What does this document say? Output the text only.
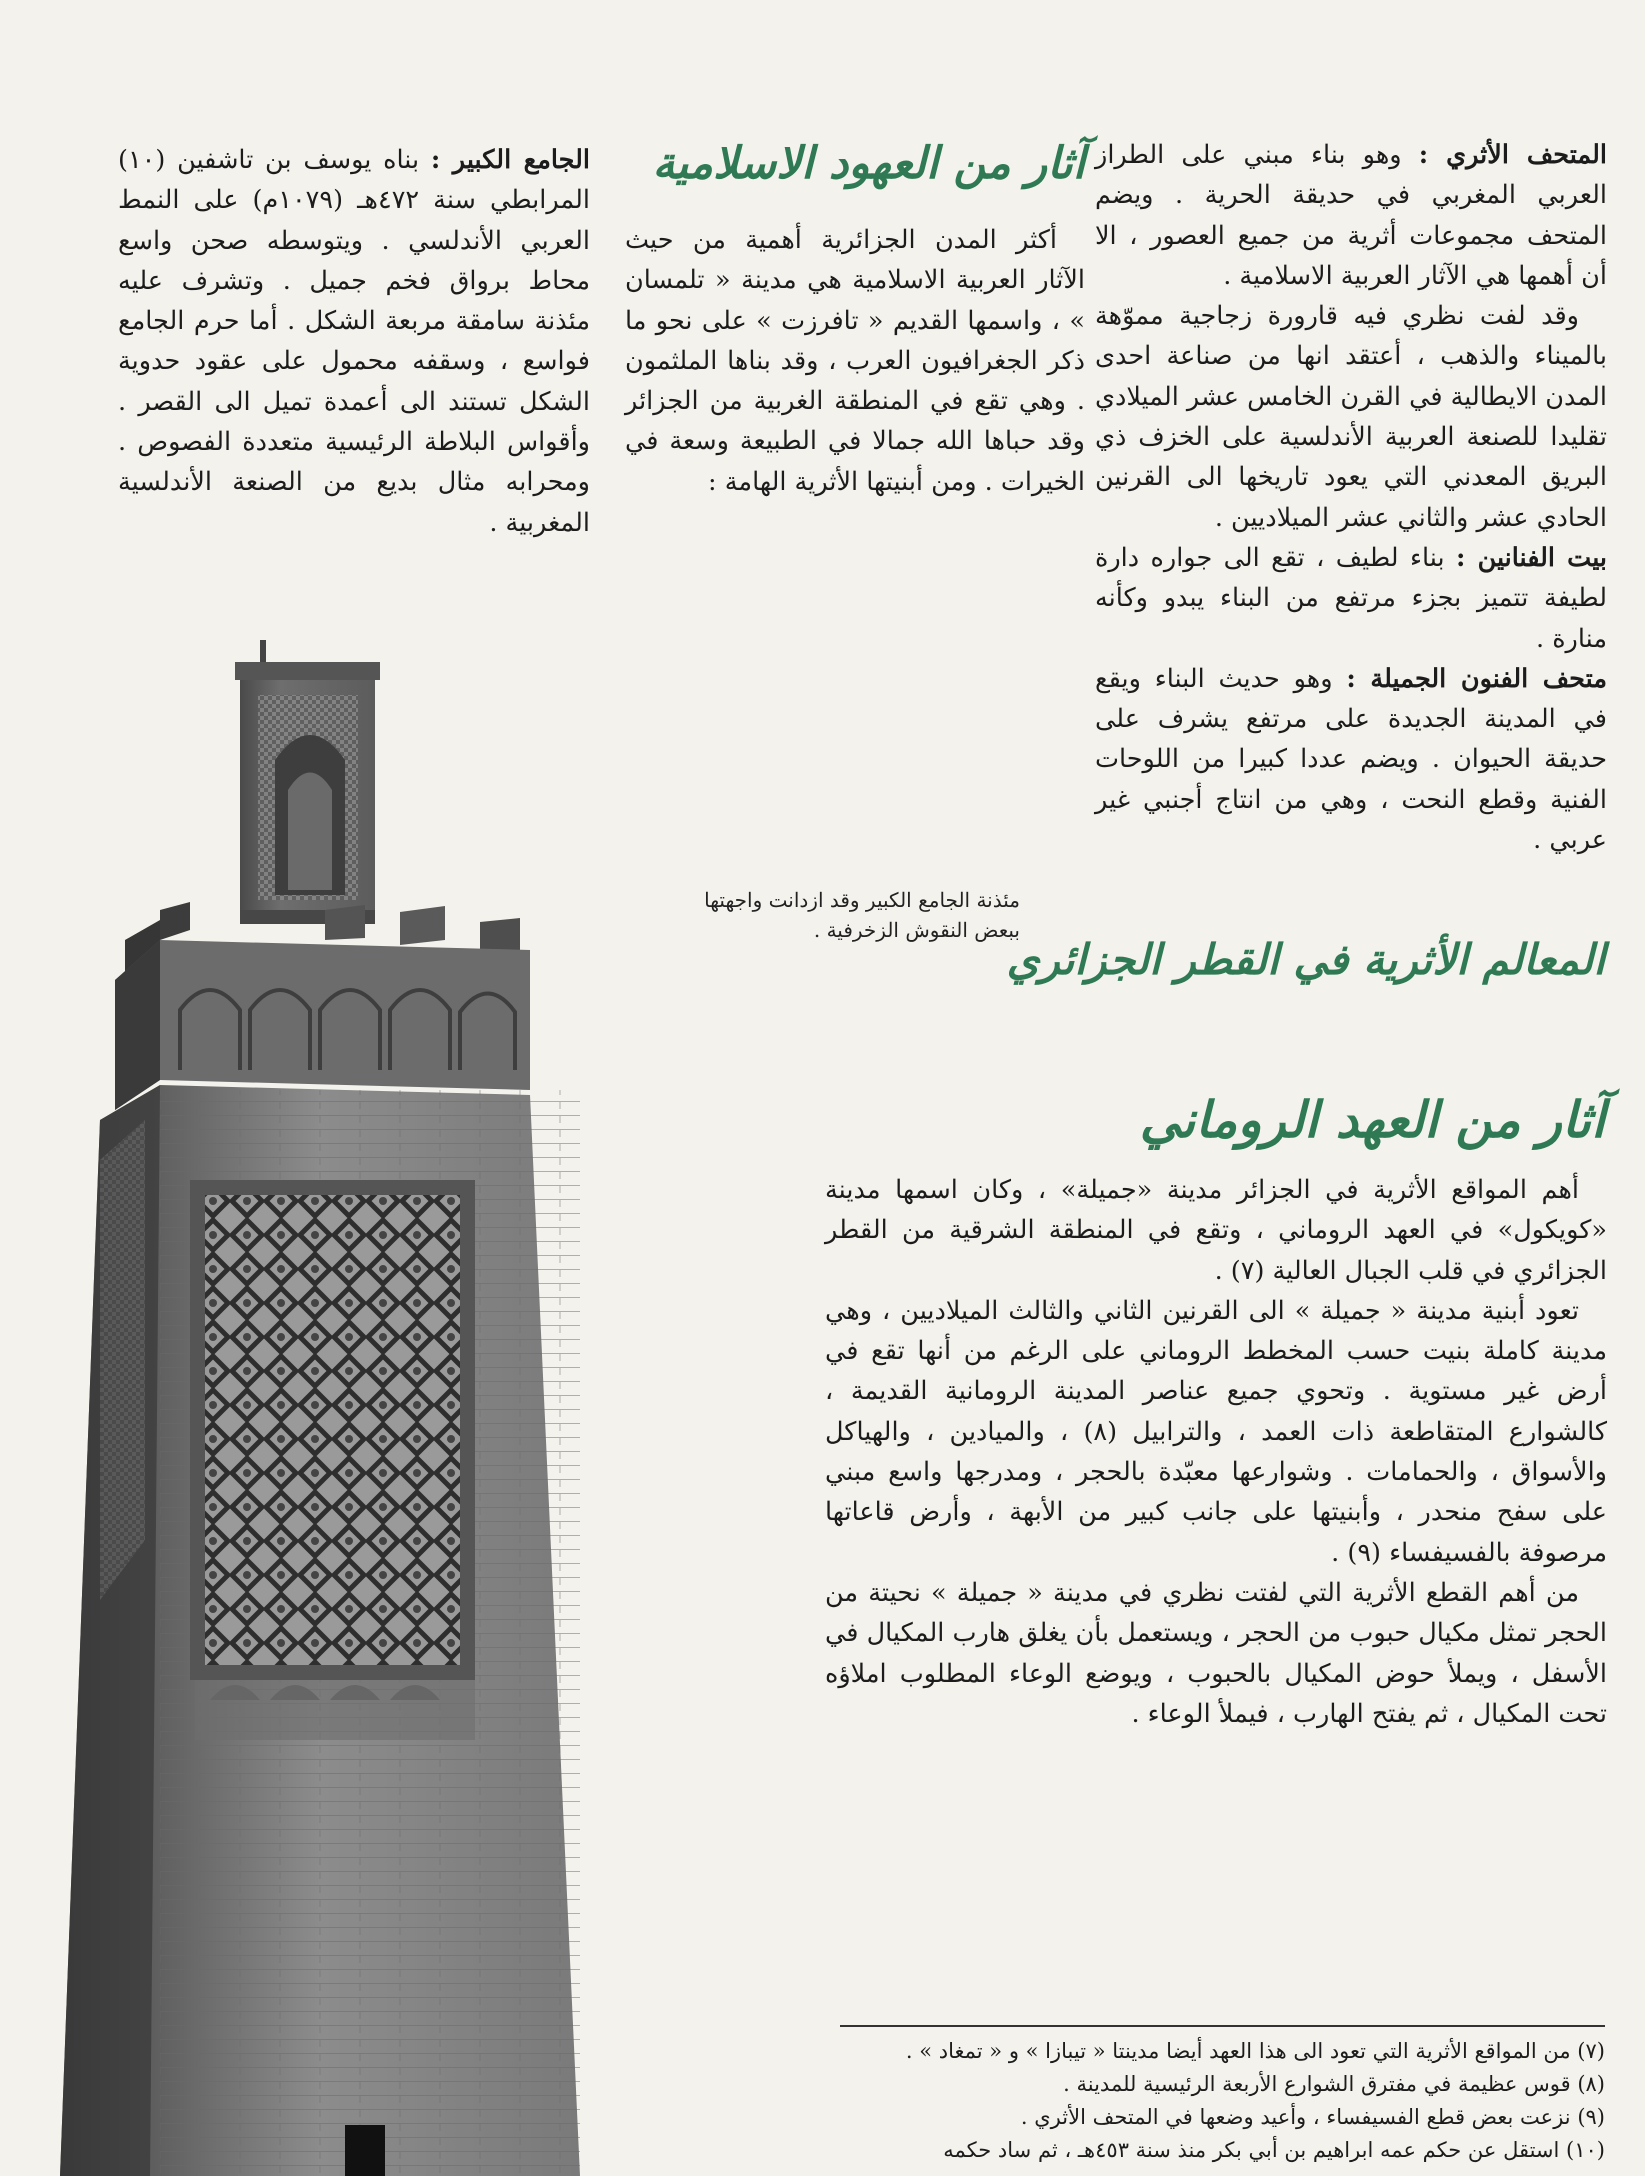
آثار من العهود الاسلامية
المعالم الأثرية في القطر الجزائري
آثار من العهد الروماني

المتحف الأثري : وهو بناء مبني على الطراز العربي المغربي في حديقة الحرية . ويضم المتحف مجموعات أثرية من جميع العصور ، الا أن أهمها هي الآثار العربية الاسلامية .

وقد لفت نظري فيه قارورة زجاجية مموّهة بالميناء والذهب ، أعتقد انها من صناعة احدى المدن الايطالية في القرن الخامس عشر الميلادي تقليدا للصنعة العربية الأندلسية على الخزف ذي البريق المعدني التي يعود تاريخها الى القرنين الحادي عشر والثاني عشر الميلاديين .

بيت الفنانين : بناء لطيف ، تقع الى جواره دارة لطيفة تتميز بجزء مرتفع من البناء يبدو وكأنه منارة .

متحف الفنون الجميلة : وهو حديث البناء ويقع في المدينة الجديدة على مرتفع يشرف على حديقة الحيوان . ويضم عددا كبيرا من اللوحات الفنية وقطع النحت ، وهي من انتاج أجنبي غير عربي .

أكثر المدن الجزائرية أهمية من حيث الآثار العربية الاسلامية هي مدينة « تلمسان » ، واسمها القديم « تافرزت » على نحو ما ذكر الجغرافيون العرب ، وقد بناها الملثمون . وهي تقع في المنطقة الغربية من الجزائر وقد حباها الله جمالا في الطبيعة وسعة في الخيرات . ومن أبنيتها الأثرية الهامة :

الجامع الكبير : بناه يوسف بن تاشفين (١٠) المرابطي سنة ٤٧٢هـ (١٠٧٩م) على النمط العربي الأندلسي . ويتوسطه صحن واسع محاط برواق فخم جميل . وتشرف عليه مئذنة سامقة مربعة الشكل . أما حرم الجامع فواسع ، وسقفه محمول على عقود حدوية الشكل تستند الى أعمدة تميل الى القصر . وأقواس البلاطة الرئيسية متعددة الفصوص . ومحرابه مثال بديع من الصنعة الأندلسية المغربية .

مئذنة الجامع الكبير وقد ازدانت واجهتها ببعض النقوش الزخرفية .

أهم المواقع الأثرية في الجزائر مدينة «جميلة» ، وكان اسمها مدينة «كويكول» في العهد الروماني ، وتقع في المنطقة الشرقية من القطر الجزائري في قلب الجبال العالية (٧) .

تعود أبنية مدينة « جميلة » الى القرنين الثاني والثالث الميلاديين ، وهي مدينة كاملة بنيت حسب المخطط الروماني على الرغم من أنها تقع في أرض غير مستوية . وتحوي جميع عناصر المدينة الرومانية القديمة ، كالشوارع المتقاطعة ذات العمد ، والترابيل (٨) ، والميادين ، والهياكل والأسواق ، والحمامات . وشوارعها معبّدة بالحجر ، ومدرجها واسع مبني على سفح منحدر ، وأبنيتها على جانب كبير من الأبهة ، وأرض قاعاتها مرصوفة بالفسيفساء (٩) .

من أهم القطع الأثرية التي لفتت نظري في مدينة « جميلة » نحيتة من الحجر تمثل مكيال حبوب من الحجر ، ويستعمل بأن يغلق هارب المكيال في الأسفل ، ويملأ حوض المكيال بالحبوب ، ويوضع الوعاء المطلوب املاؤه تحت المكيال ، ثم يفتح الهارب ، فيملأ الوعاء .

(٧) من المواقع الأثرية التي تعود الى هذا العهد أيضا مدينتا « تيبازا » و « تمغاد » .
(٨) قوس عظيمة في مفترق الشوارع الأربعة الرئيسية للمدينة .
(٩) نزعت بعض قطع الفسيفساء ، وأعيد وضعها في المتحف الأثري .
(١٠) استقل عن حكم عمه ابراهيم بن أبي بكر منذ سنة ٤٥٣هـ ، ثم ساد حكمه
